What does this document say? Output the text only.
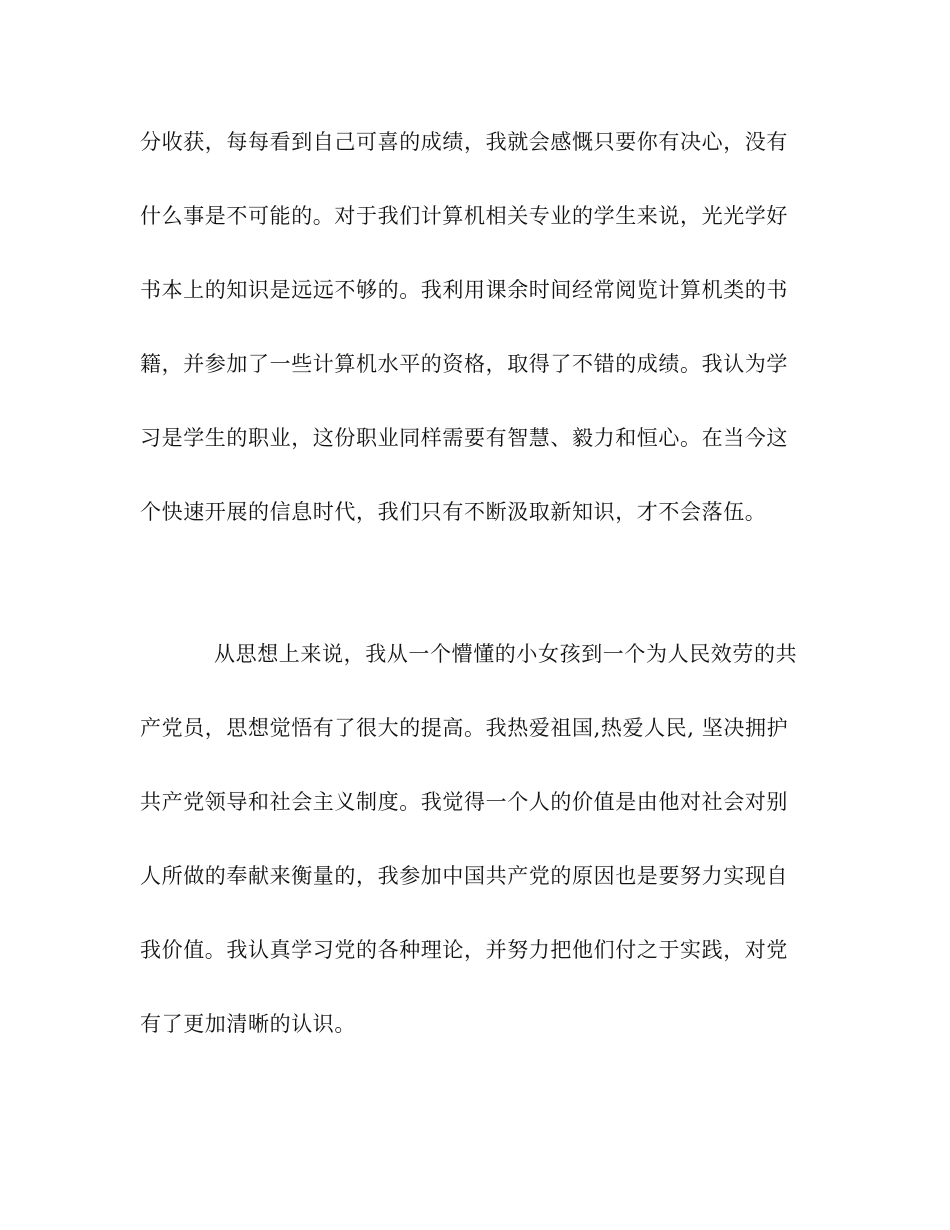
分收获，每每看到自己可喜的成绩，我就会感慨只要你有决心，没有
什么事是不可能的。对于我们计算机相关专业的学生来说，光光学好
书本上的知识是远远不够的。我利用课余时间经常阅览计算机类的书
籍，并参加了一些计算机水平的资格，取得了不错的成绩。我认为学
习是学生的职业，这份职业同样需要有智慧、毅力和恒心。在当今这
个快速开展的信息时代，我们只有不断汲取新知识，才不会落伍。
从思想上来说，我从一个懵懂的小女孩到一个为人民效劳的共
产党员，思想觉悟有了很大的提高。我热爱祖国,热爱人民, 坚决拥护
共产党领导和社会主义制度。我觉得一个人的价值是由他对社会对别
人所做的奉献来衡量的，我参加中国共产党的原因也是要努力实现自
我价值。我认真学习党的各种理论，并努力把他们付之于实践，对党
有了更加清晰的认识。
